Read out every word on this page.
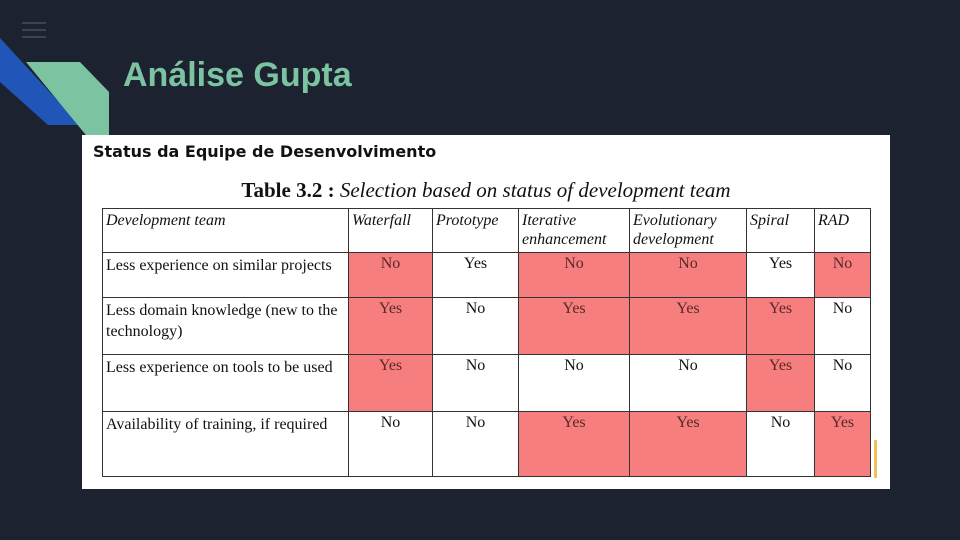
Análise Gupta
Status da Equipe de Desenvolvimento
Table 3.2 : Selection based on status of development team
Development team	Waterfall	Prototype	Iterative enhancement	Evolutionary development	Spiral	RAD
Less experience on similar projects	No	Yes	No	No	Yes	No
Less domain knowledge (new to the technology)	Yes	No	Yes	Yes	Yes	No
Less experience on tools to be used	Yes	No	No	No	Yes	No
Availability of training, if required	No	No	Yes	Yes	No	Yes
